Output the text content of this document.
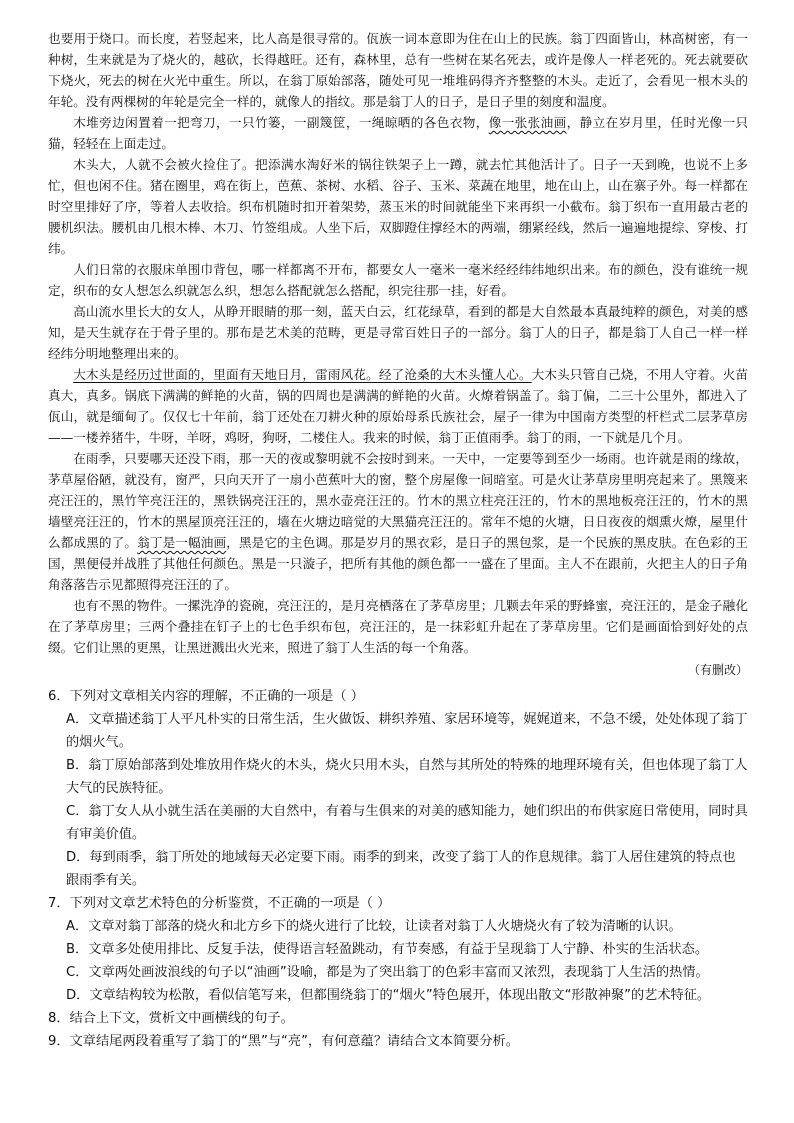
也要用于烧口。而长度，若竖起来，比人高是很寻常的。佤族一词本意即为住在山上的民族。翁丁四面皆山，林高树密，有一种树，生来就是为了烧火的，越砍，长得越旺。还有，森林里，总有一些树在某名死去，或许是像人一样老死的。死去就要砍下烧火，死去的树在火光中重生。所以，在翁丁原始部落，随处可见一堆堆码得齐齐整整的木头。走近了，会看见一根木头的年轮。没有两棵树的年轮是完全一样的，就像人的指纹。那是翁丁人的日子，是日子里的刻度和温度。

木堆旁边闲置着一把弯刀，一只竹篓，一副篾筐，一绳晾晒的各色衣物，像一张张油画，静立在岁月里，任时光像一只猫，轻轻在上面走过。

木头大，人就不会被火捡住了。把添满水淘好米的锅往铁架子上一蹲，就去忙其他活计了。日子一天到晚，也说不上多忙，但也闲不住。猪在圈里，鸡在街上，芭蕉、茶树、水稻、谷子、玉米、菜蔬在地里，地在山上，山在寨子外。每一样都在时空里排好了序，等着人去收拾。织布机随时扣开着架势，蒸玉米的时间就能坐下来再织一小截布。翁丁织布一直用最古老的腰机织法。腰机由几根木棒、木刀、竹签组成。人坐下后，双脚蹬住撑经木的两端，绷紧经线，然后一遍遍地提综、穿梭、打纬。

人们日常的衣服床单围巾背包，哪一样都离不开布，都要女人一毫米一毫米经经纬纬地织出来。布的颜色，没有谁统一规定，织布的女人想怎么织就怎么织，想怎么搭配就怎么搭配，织完往那一挂，好看。

高山流水里长大的女人，从睁开眼睛的那一刻，蓝天白云，红花绿草，看到的都是大自然最本真最纯粹的颜色，对美的感知，是天生就存在于骨子里的。那布是艺术美的范畴，更是寻常百姓日子的一部分。翁丁人的日子，都是翁丁人自己一样一样经纬分明地整理出来的。

大木头是经历过世面的，里面有天地日月，雷雨风花。经了沧桑的大木头懂人心。大木头只管自己烧，不用人守着。火苗真大，真多。锅底下满满的鲜艳的火苗，锅的四周也是满满的鲜艳的火苗。火燎着锅盖了。翁丁偏，二三十公里外，都进入了佤山，就是缅甸了。仅仅七十年前，翁丁还处在刀耕火种的原始母系氏族社会，屋子一律为中国南方类型的杆栏式二层茅草房——一楼养猪牛，牛呀，羊呀，鸡呀，狗呀，二楼住人。我来的时候，翁丁正值雨季。翁丁的雨，一下就是几个月。

在雨季，只要哪天还没下雨，那一天的夜或黎明就不会按时到来。一天中，一定要等到至少一场雨。也许就是雨的缘故，茅草屋俗陋，就没有，窗严，只向天开了一扇小芭蕉叶大的窗，整个房屋像一间暗室。可是火让茅草房里明亮起来了。黑篾来亮汪汪的，黑竹竿亮汪汪的，黑铁锅亮汪汪的，黑水壶亮汪汪的。竹木的黑立柱亮汪汪的，竹木的黑地板亮汪汪的，竹木的黑墙壁亮汪汪的，竹木的黑屋顶亮汪汪的，墙在火塘边暗觉的大黑猫亮汪汪的。常年不熄的火塘，日日夜夜的烟熏火燎，屋里什么都成黑的了。翁丁是一幅油画，黑是它的主色调。那是岁月的黑衣彩，是日子的黑包浆，是一个民族的黑皮肤。在色彩的王国，黑便侵并战胜了其他任何颜色。黑是一只漩子，把所有其他的颜色都一一盛在了里面。主人不在跟前，火把主人的日子角角落落告示见都照得亮汪汪的了。

也有不黑的物件。一摞洗净的瓷碗，亮汪汪的，是月亮栖落在了茅草房里；几颗去年采的野蜂蜜，亮汪汪的，是金子融化在了茅草房里；三两个叠挂在钉子上的七色手织布包，亮汪汪的，是一抹彩虹升起在了茅草房里。它们是画面恰到好处的点缀。它们让黑的更黑，让黑迸溅出火光来，照进了翁丁人生活的每一个角落。

（有删改）

6．下列对文章相关内容的理解，不正确的一项是（ ）

A．文章描述翁丁人平凡朴实的日常生活，生火做饭、耕织养殖、家居环境等，娓娓道来，不急不缓，处处体现了翁丁的烟火气。

B．翁丁原始部落到处堆放用作烧火的木头，烧火只用木头，自然与其所处的特殊的地理环境有关，但也体现了翁丁人大气的民族特征。

C．翁丁女人从小就生活在美丽的大自然中，有着与生俱来的对美的感知能力，她们织出的布供家庭日常使用，同时具有审美价值。

D．每到雨季，翁丁所处的地域每天必定要下雨。雨季的到来，改变了翁丁人的作息规律。翁丁人居住建筑的特点也跟雨季有关。

7．下列对文章艺术特色的分析鉴赏，不正确的一项是（ ）

A．文章对翁丁部落的烧火和北方乡下的烧火进行了比较，让读者对翁丁人火塘烧火有了较为清晰的认识。

B．文章多处使用排比、反复手法，使得语言轻盈跳动，有节奏感，有益于呈现翁丁人宁静、朴实的生活状态。

C．文章两处画波浪线的句子以“油画”设喻，都是为了突出翁丁的色彩丰富而又浓烈，表现翁丁人生活的热情。

D．文章结构较为松散，看似信笔写来，但都围绕翁丁的“烟火”特色展开，体现出散文“形散神聚”的艺术特征。

8．结合上下文，赏析文中画横线的句子。

9．文章结尾两段着重写了翁丁的“黑”与“亮”，有何意蕴？请结合文本简要分析。
